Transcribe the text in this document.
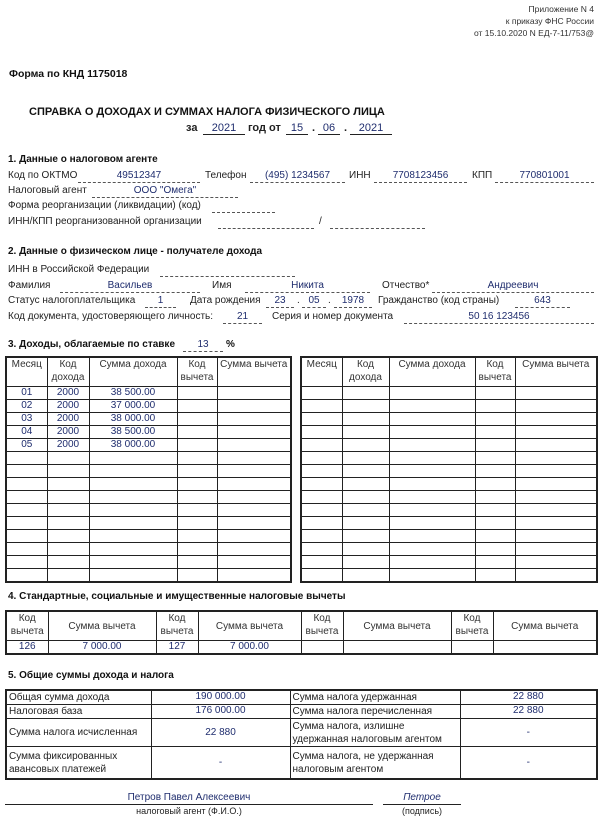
Приложение N 4
к приказу ФНС России
от 15.10.2020 N ЕД-7-11/753@
Форма по КНД 1175018
СПРАВКА О ДОХОДАХ И СУММАХ НАЛОГА ФИЗИЧЕСКОГО ЛИЦА
за	2021	год от 15 . 06 .	2021
1. Данные о налоговом агенте
Код по ОКТМО	49512347	Телефон	(495) 1234567	ИНН	7708123456	КПП	770801001
Налоговый агент	ООО "Омега"
Форма реорганизации (ликвидации) (код)
ИНН/КПП реорганизованной организации	/
2. Данные о физическом лице - получателе дохода
ИНН в Российской Федерации
Фамилия	Васильев	Имя	Никита	Отчество*	Андреевич
Статус налогоплательщика	1	Дата рождения	23	. 05 .	1978	Гражданство (код страны)	643
Код документа, удостоверяющего личность:	21	Серия и номер документа	50 16 123456
3. Доходы, облагаемые по ставке	13	%
Месяц	Код дохода	Сумма дохода	Код вычета	Сумма вычета
01	2000	38 500.00		
02	2000	37 000.00		
03	2000	38 000.00		
04	2000	38 500.00		
05	2000	38 000.00		

Месяц	Код дохода	Сумма дохода	Код вычета	Сумма вычета

4. Стандартные, социальные и имущественные налоговые вычеты
Код вычета	Сумма вычета	Код вычета	Сумма вычета	Код вычета	Сумма вычета	Код вычета	Сумма вычета
126	7 000.00	127	7 000.00				
5. Общие суммы дохода и налога
Общая сумма дохода	190 000.00	Сумма налога удержанная	22 880
Налоговая база	176 000.00	Сумма налога перечисленная	22 880
Сумма налога исчисленная	22 880	Сумма налога, излишне удержанная налоговым агентом	-
Сумма фиксированных авансовых платежей	-	Сумма налога, не удержанная налоговым агентом	-
Петров Павел Алексеевич
налоговый агент (Ф.И.О.)
Петрое
(подпись)
